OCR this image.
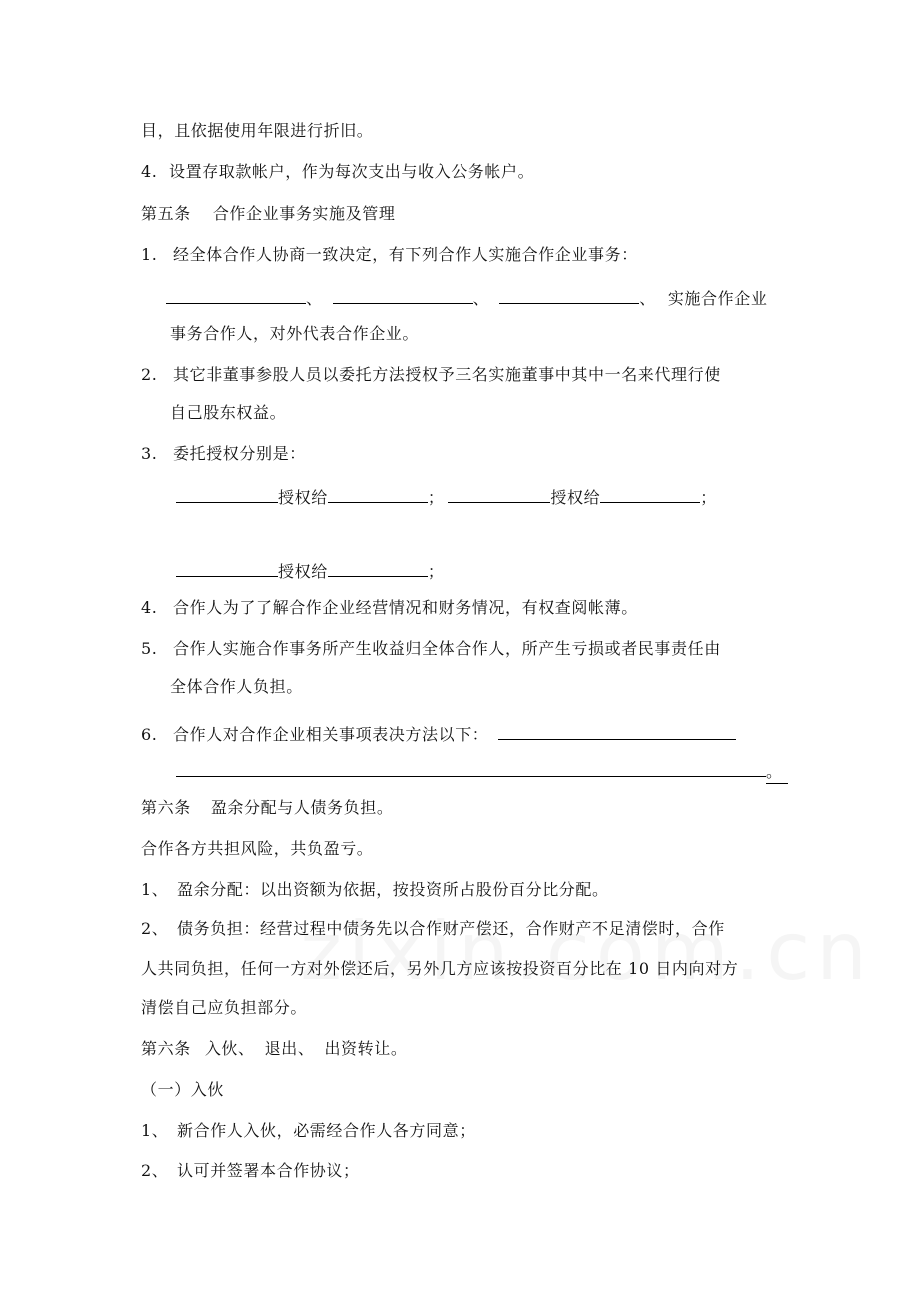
目，且依据使用年限进行折旧。

4. 设置存取款帐户，作为每次支出与收入公务帐户。

第五条 合作企业事务实施及管理

1. 经全体合作人协商一致决定，有下列合作人实施合作企业事务：

、	、	、 实施合作企业

事务合作人，对外代表合作企业。

2. 其它非董事参股人员以委托方法授权予三名实施董事中其中一名来代理行使

自己股东权益。

3. 委托授权分别是：

授权给	；	授权给	；

授权给	；

4. 合作人为了了解合作企业经营情况和财务情况，有权查阅帐薄。

5. 合作人实施合作事务所产生收益归全体合作人，所产生亏损或者民事责任由

全体合作人负担。

6. 合作人对合作企业相关事项表决方法以下：

。

第六条 盈余分配与人债务负担。

合作各方共担风险，共负盈亏。

1、 盈余分配：以出资额为依据，按投资所占股份百分比分配。

2、 债务负担：经营过程中债务先以合作财产偿还，合作财产不足清偿时，合作

人共同负担，任何一方对外偿还后，另外几方应该按投资百分比在 10 日内向对方

清偿自己应负担部分。

第六条 入伙、 退出、 出资转让。

（一）入伙

1、 新合作人入伙，必需经合作人各方同意；

2、 认可并签署本合作协议；
